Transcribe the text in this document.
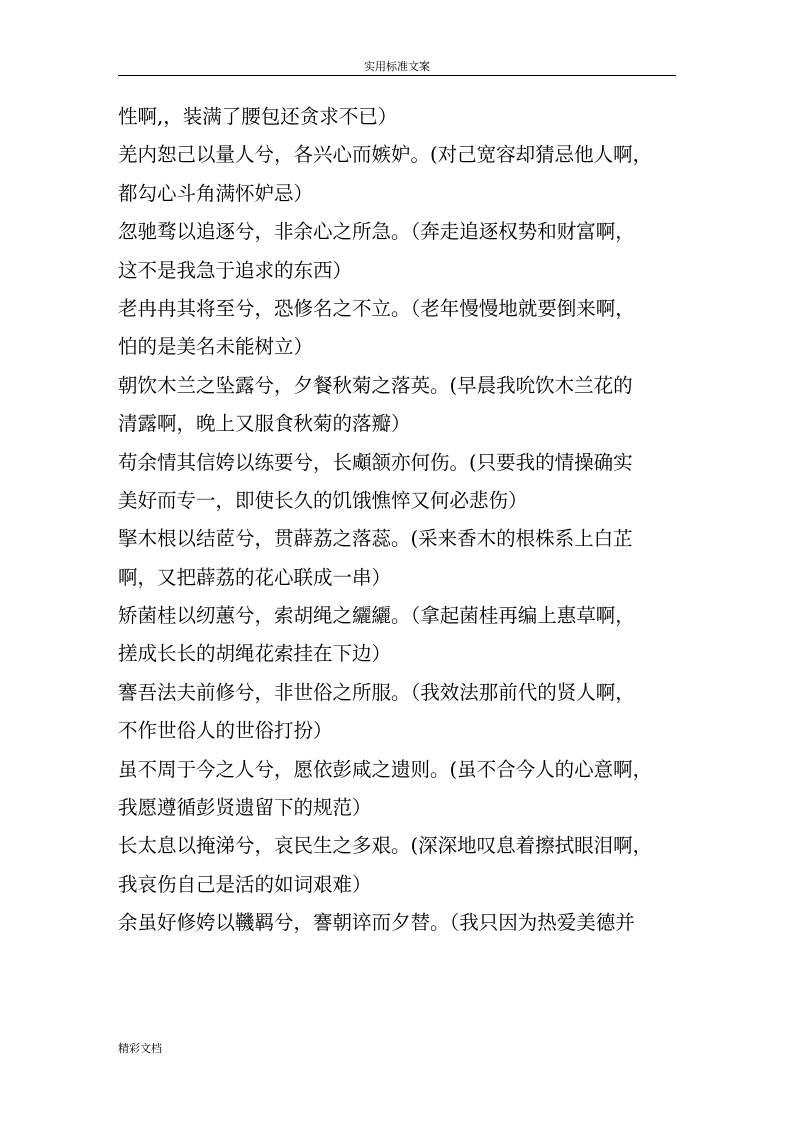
实用标准文案
性啊,，装满了腰包还贪求不已）
羌内恕己以量人兮，各兴心而嫉妒。(对己宽容却猜忌他人啊，
都勾心斗角满怀妒忌）
忽驰骛以追逐兮，非余心之所急。（奔走追逐权势和财富啊，
这不是我急于追求的东西）
老冉冉其将至兮，恐修名之不立。（老年慢慢地就要倒来啊，
怕的是美名未能树立）
朝饮木兰之坠露兮，夕餐秋菊之落英。(早晨我吮饮木兰花的
清露啊，晚上又服食秋菊的落瓣）
苟余情其信姱以练要兮，长顑颔亦何伤。(只要我的情操确实
美好而专一，即使长久的饥饿憔悴又何必悲伤）
掔木根以结茝兮，贯薜荔之落蕊。(采来香木的根株系上白芷
啊，又把薜荔的花心联成一串）
矫菌桂以纫蕙兮，索胡绳之纚纚。（拿起菌桂再编上惠草啊，
搓成长长的胡绳花索挂在下边）
謇吾法夫前修兮，非世俗之所服。（我效法那前代的贤人啊，
不作世俗人的世俗打扮）
虽不周于今之人兮，愿依彭咸之遗则。(虽不合今人的心意啊，
我愿遵循彭贤遗留下的规范）
长太息以掩涕兮，哀民生之多艰。(深深地叹息着擦拭眼泪啊，
我哀伤自己是活的如词艰难）
余虽好修姱以鞿羁兮，謇朝谇而夕替。（我只因为热爱美德并
精彩文档
